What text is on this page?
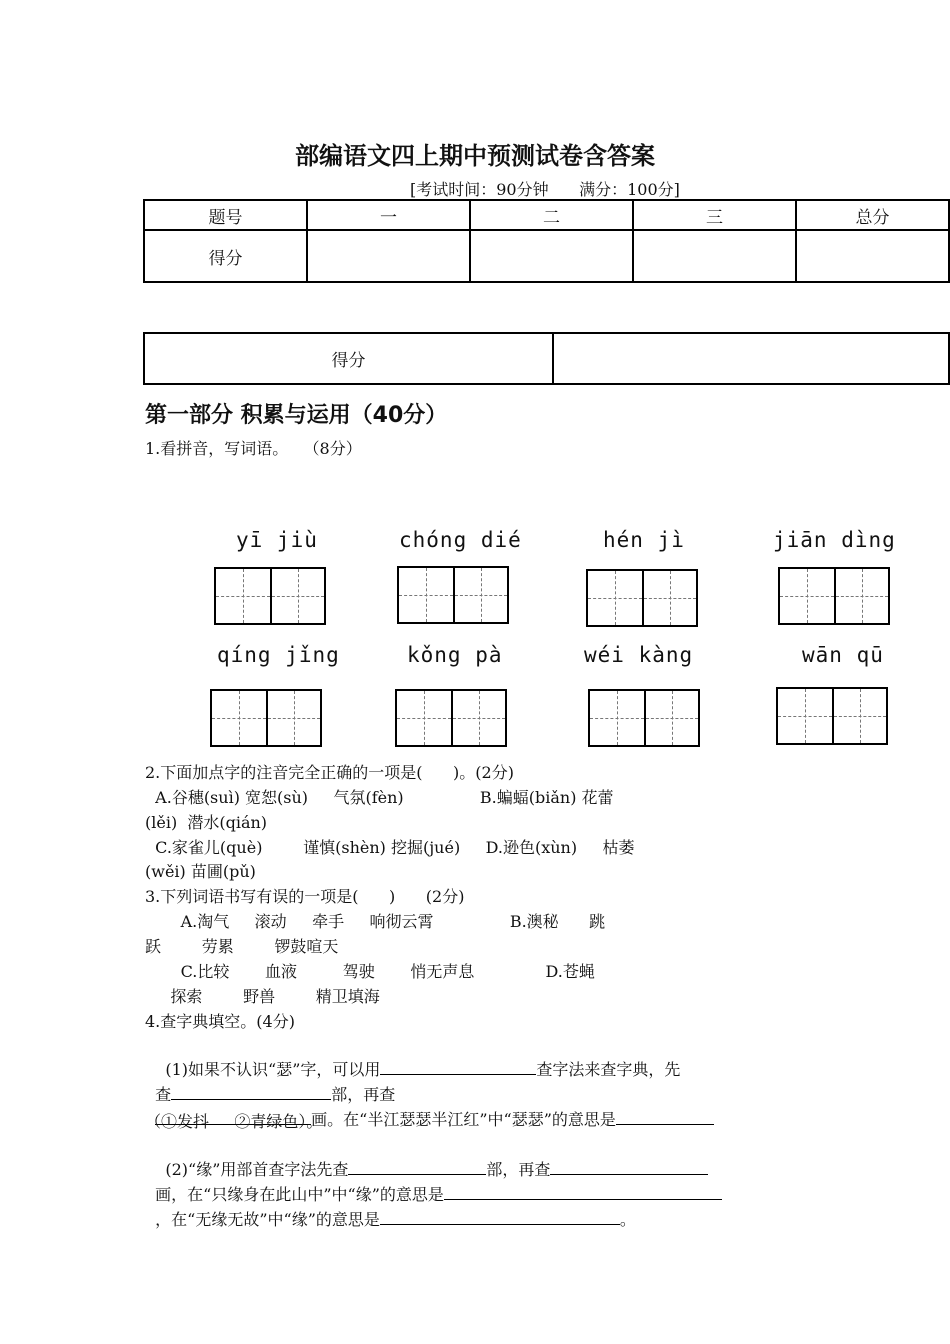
部编语文四上期中预测试卷含答案
[考试时间：90分钟      满分：100分]
题号	一	二	三	总分
得分				
得分	
第一部分 积累与运用（40分）
1.看拼音，写词语。   （8分）
yī jiù	chóng dié	hén jì	jiān dìng
qíng jǐng	kǒng pà	wéi kàng	wān qū
2.下面加点字的注音完全正确的一项是(      )。(2分)
A.谷穗(suì) 宽恕(sù)     气氛(fèn)               B.蝙蝠(biǎn) 花蕾
(lěi)  潜水(qián)
C.家雀儿(què)        谨慎(shèn) 挖掘(jué)     D.逊色(xùn)     枯萎
(wěi) 苗圃(pǔ)
3.下列词语书写有误的一项是(      )      (2分)
A.淘气     滚动     牵手     响彻云霄               B.澳秘      跳
跃        劳累        锣鼓喧天
C.比较       血液         驾驶       悄无声息              D.苍蝇
探索        野兽        精卫填海
4.查字典填空。(4分)

(1)如果不认识“瑟”字，可以用	查字法来查字典，先

查	部，再查

画。在“半江瑟瑟半江红”中“瑟瑟”的意思是

（①发抖     ②青绿色）。

(2)“缘”用部首查字法先查	部，再查

画，在“只缘身在此山中”中“缘”的意思是

，在“无缘无故”中“缘”的意思是	。
